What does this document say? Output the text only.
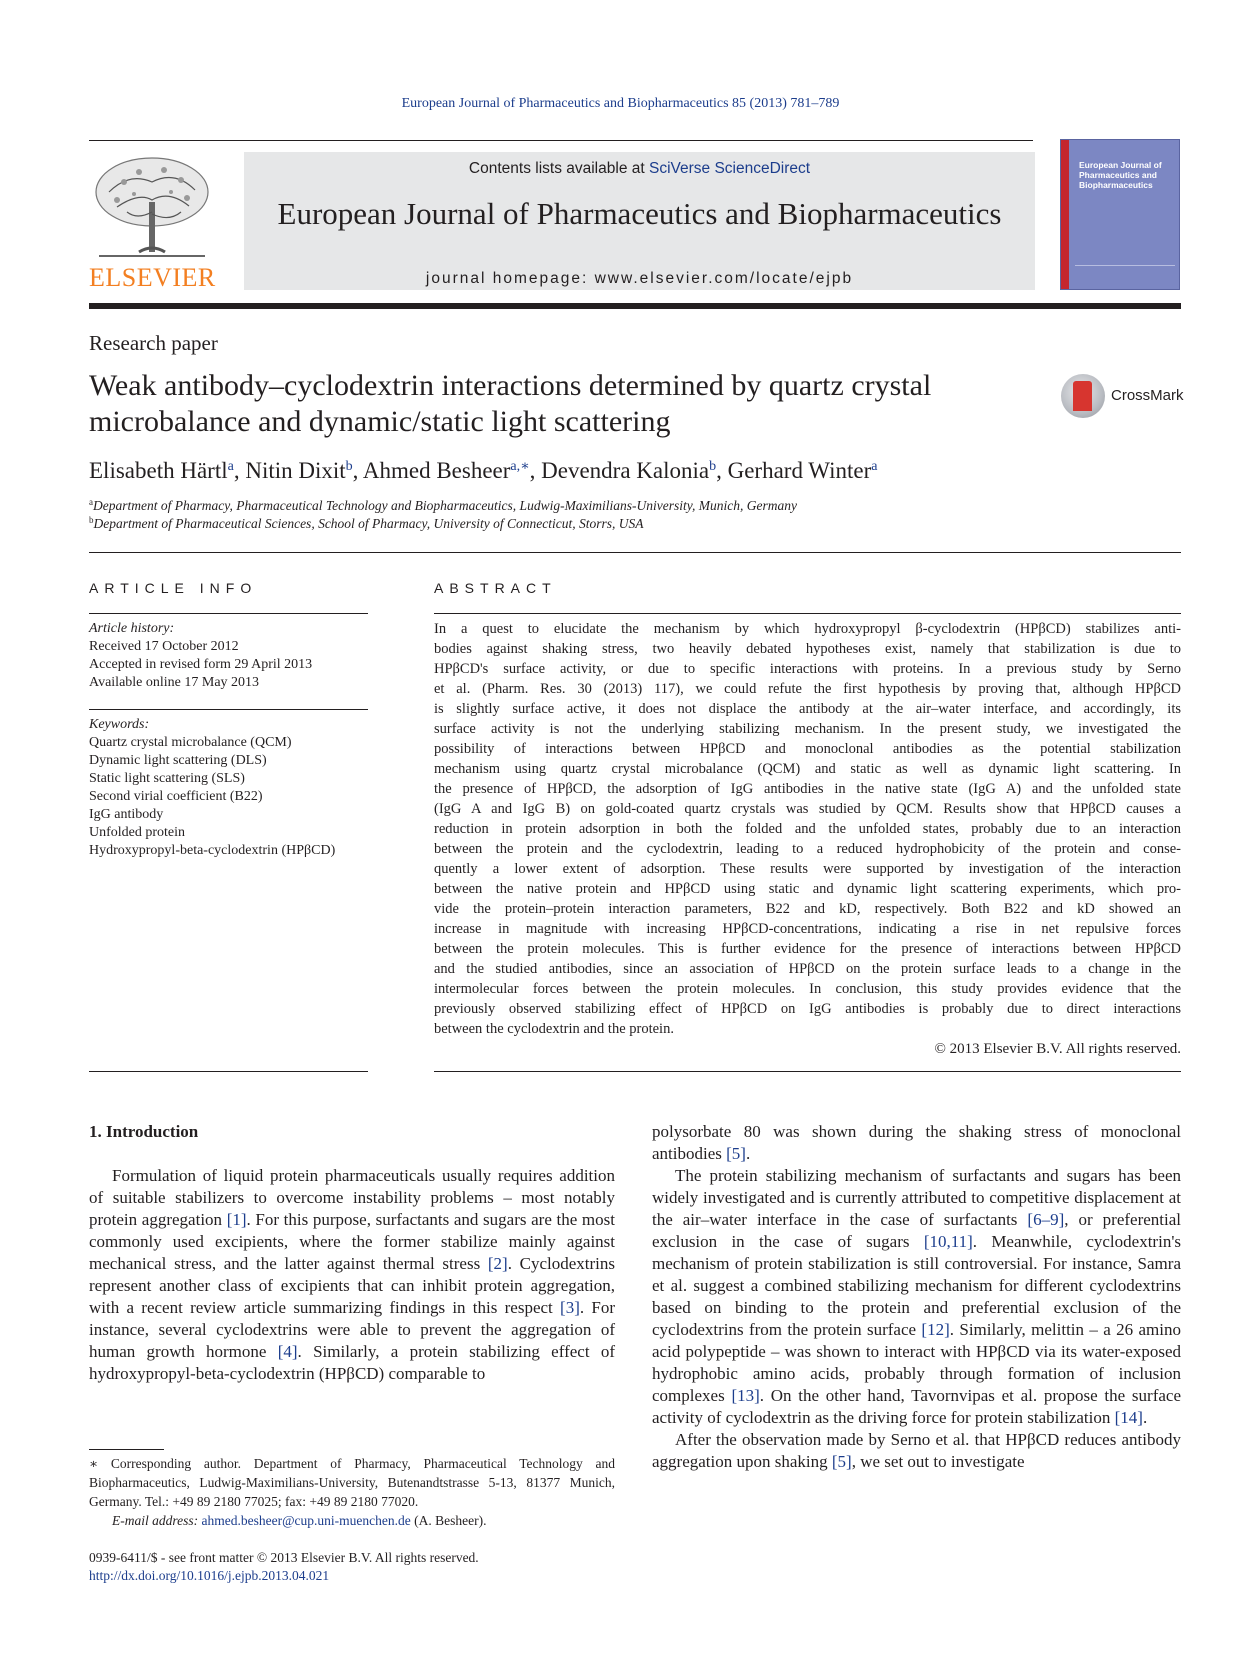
European Journal of Pharmaceutics and Biopharmaceutics 85 (2013) 781–789
ELSEVIER
Contents lists available at SciVerse ScienceDirect
European Journal of Pharmaceutics and Biopharmaceutics
journal homepage: www.elsevier.com/locate/ejpb
European Journal of Pharmaceutics and Biopharmaceutics
Research paper
Weak antibody–cyclodextrin interactions determined by quartz crystal microbalance and dynamic/static light scattering
CrossMark
Elisabeth Härtl$^a$, Nitin Dixit$^b$, Ahmed Besheer$^{a,∗}$, Devendra Kalonia$^b$, Gerhard Winter$^a$
$^a$Department of Pharmacy, Pharmaceutical Technology and Biopharmaceutics, Ludwig-Maximilians-University, Munich, Germany
$^b$Department of Pharmaceutical Sciences, School of Pharmacy, University of Connecticut, Storrs, USA
ARTICLE INFO
Article history:
Received 17 October 2012
Accepted in revised form 29 April 2013
Available online 17 May 2013
Keywords:
Quartz crystal microbalance (QCM)
Dynamic light scattering (DLS)
Static light scattering (SLS)
Second virial coefficient (B22)
IgG antibody
Unfolded protein
Hydroxypropyl-beta-cyclodextrin (HPβCD)
ABSTRACT
In a quest to elucidate the mechanism by which hydroxypropyl β-cyclodextrin (HPβCD) stabilizes anti-
bodies against shaking stress, two heavily debated hypotheses exist, namely that stabilization is due to
HPβCD's surface activity, or due to specific interactions with proteins. In a previous study by Serno
et al. (Pharm. Res. 30 (2013) 117), we could refute the first hypothesis by proving that, although HPβCD
is slightly surface active, it does not displace the antibody at the air–water interface, and accordingly, its
surface activity is not the underlying stabilizing mechanism. In the present study, we investigated the
possibility of interactions between HPβCD and monoclonal antibodies as the potential stabilization
mechanism using quartz crystal microbalance (QCM) and static as well as dynamic light scattering. In
the presence of HPβCD, the adsorption of IgG antibodies in the native state (IgG A) and the unfolded state
(IgG A and IgG B) on gold-coated quartz crystals was studied by QCM. Results show that HPβCD causes a
reduction in protein adsorption in both the folded and the unfolded states, probably due to an interaction
between the protein and the cyclodextrin, leading to a reduced hydrophobicity of the protein and conse-
quently a lower extent of adsorption. These results were supported by investigation of the interaction
between the native protein and HPβCD using static and dynamic light scattering experiments, which pro-
vide the protein–protein interaction parameters, B22 and kD, respectively. Both B22 and kD showed an
increase in magnitude with increasing HPβCD-concentrations, indicating a rise in net repulsive forces
between the protein molecules. This is further evidence for the presence of interactions between HPβCD
and the studied antibodies, since an association of HPβCD on the protein surface leads to a change in the
intermolecular forces between the protein molecules. In conclusion, this study provides evidence that the
previously observed stabilizing effect of HPβCD on IgG antibodies is probably due to direct interactions
between the cyclodextrin and the protein.
© 2013 Elsevier B.V. All rights reserved.
1. Introduction

Formulation of liquid protein pharmaceuticals usually requires addition of suitable stabilizers to overcome instability problems – most notably protein aggregation [1]. For this purpose, surfactants and sugars are the most commonly used excipients, where the former stabilize mainly against mechanical stress, and the latter against thermal stress [2]. Cyclodextrins represent another class of excipients that can inhibit protein aggregation, with a recent review article summarizing findings in this respect [3]. For instance, several cyclodextrins were able to prevent the aggregation of human growth hormone [4]. Similarly, a protein stabilizing effect of hydroxypropyl-beta-cyclodextrin (HPβCD) comparable to

polysorbate 80 was shown during the shaking stress of monoclonal antibodies [5].

The protein stabilizing mechanism of surfactants and sugars has been widely investigated and is currently attributed to competitive displacement at the air–water interface in the case of surfactants [6–9], or preferential exclusion in the case of sugars [10,11]. Meanwhile, cyclodextrin's mechanism of protein stabilization is still controversial. For instance, Samra et al. suggest a combined stabilizing mechanism for different cyclodextrins based on binding to the protein and preferential exclusion of the cyclodextrins from the protein surface [12]. Similarly, melittin – a 26 amino acid polypeptide – was shown to interact with HPβCD via its water-exposed hydrophobic amino acids, probably through formation of inclusion complexes [13]. On the other hand, Tavornvipas et al. propose the surface activity of cyclodextrin as the driving force for protein stabilization [14].

After the observation made by Serno et al. that HPβCD reduces antibody aggregation upon shaking [5], we set out to investigate

∗ Corresponding author. Department of Pharmacy, Pharmaceutical Technology and Biopharmaceutics, Ludwig-Maximilians-University, Butenandtstrasse 5-13, 81377 Munich, Germany. Tel.: +49 89 2180 77025; fax: +49 89 2180 77020.
E-mail address: ahmed.besheer@cup.uni-muenchen.de (A. Besheer).
0939-6411/$ - see front matter © 2013 Elsevier B.V. All rights reserved.
http://dx.doi.org/10.1016/j.ejpb.2013.04.021
